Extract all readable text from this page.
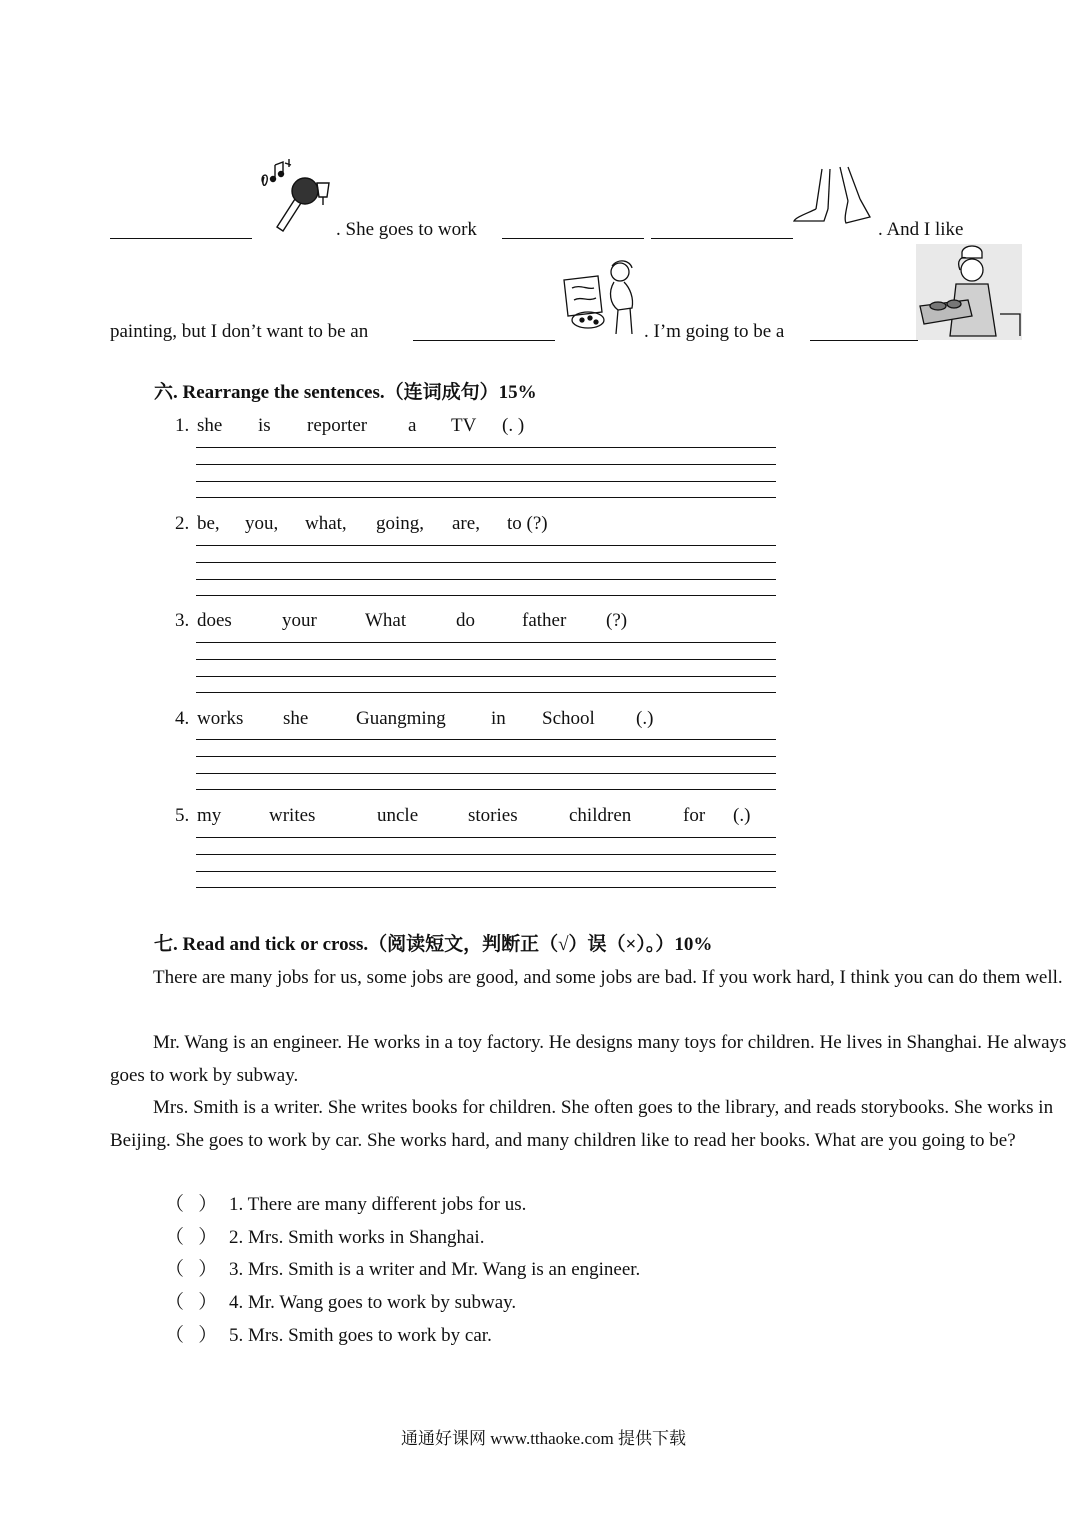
. She goes to work	. And I like
painting, but I don’t want to be an	. I’m going to be a
六. Rearrange the sentences.（连词成句）15%
1. she is reporter a TV (. )
2. be, you, what, going, are, to (?)
3. does	your	What	do father (?)
4. works she	Guangming in School (.)
5. my	writes	uncle	stories	children	for (.)
七. Read and tick or cross.（阅读短文，判断正（√）误（×）。）10%
There are many jobs for us, some jobs are good, and some jobs are bad. If you work hard, I think you can do them well.
Mr. Wang is an engineer. He works in a toy factory. He designs many toys for children. He lives in Shanghai. He always goes to work by subway.
Mrs. Smith is a writer. She writes books for children. She often goes to the library, and reads storybooks. She works in Beijing. She goes to work by car. She works hard, and many children like to read her books. What are you going to be?
（ ） 1. There are many different jobs for us.
（ ） 2. Mrs. Smith works in Shanghai.
（ ） 3. Mrs. Smith is a writer and Mr. Wang is an engineer.
（ ） 4. Mr. Wang goes to work by subway.
（ ） 5. Mrs. Smith goes to work by car.
通通好课网 www.tthaoke.com 提供下载
